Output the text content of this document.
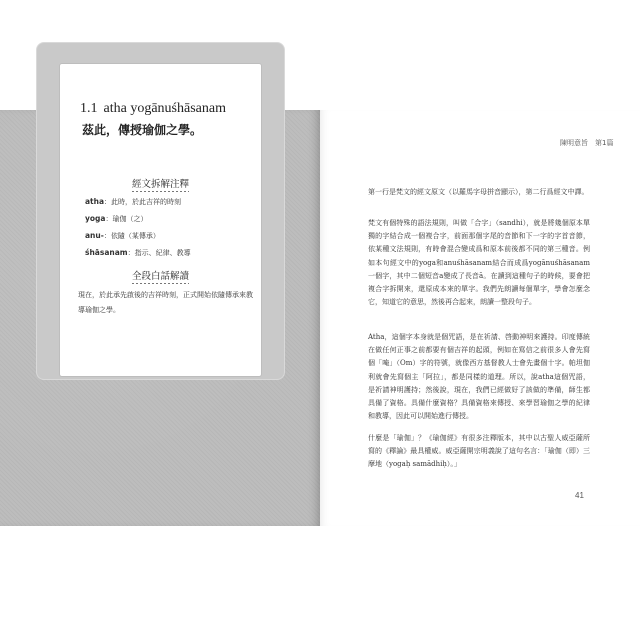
1.1 atha yogānuśhāsanam
茲此，傳授瑜伽之學。
經文拆解注釋
atha：此時，於此吉祥的時刻
yoga：瑜伽（之）
anu-：依隨（某傳承）
śhāsanam：指示、紀律、教導
全段白話解讀
現在，於此承先啟後的吉祥時刻，正式開始依隨傳承來教導瑜伽之學。
陳明意旨　第1篇
第一行是梵文的經文原文（以羅馬字母拼音顯示），第二行爲經文中譯。
梵文有個特殊的語法規則，叫做「合字」（sandhi），就是將幾個原本單獨的字結合成一個複合字，前面那個字尾的音節和下一字的字首音節，依某種文法規則，有時會混合變成爲和原本前後都不同的第三種音。例如本句經文中的yoga和anuśhāsanam結合而成爲yogānuśhāsanam一個字，其中二個短音a變成了長音ā。在讀到這種句子的時候，要會把複合字拆開來，還原成本來的單字。我們先朗讀每個單字，學會怎麼念它，知道它的意思，然後再合起來，朗讀一整段句子。
Atha，這個字本身就是個咒語，是在祈請、啓動神明來護持。印度傳統在做任何正事之前都要有個吉祥的起頭，例如在寫信之前很多人會先寫個「唵」（Om）字的符號，就像西方基督教人士會先畫個十字。帕坦伽利就會先寫個主「阿拉」，都是同樣的道理。所以，說atha這個咒語，是祈請神明護持；然後說，現在，我們已經做好了該做的準備，師生都具備了資格。具備什麼資格？具備資格來傳授、來學習瑜伽之學的紀律和教導，因此可以開始進行傳授。
什麼是「瑜伽」？《瑜伽經》有很多注釋版本，其中以古聖人威亞薩所寫的《釋論》最具權威。威亞薩開宗明義說了這句名言：「瑜伽（即）三摩地（yogaḥ samādhiḥ）。」
41
